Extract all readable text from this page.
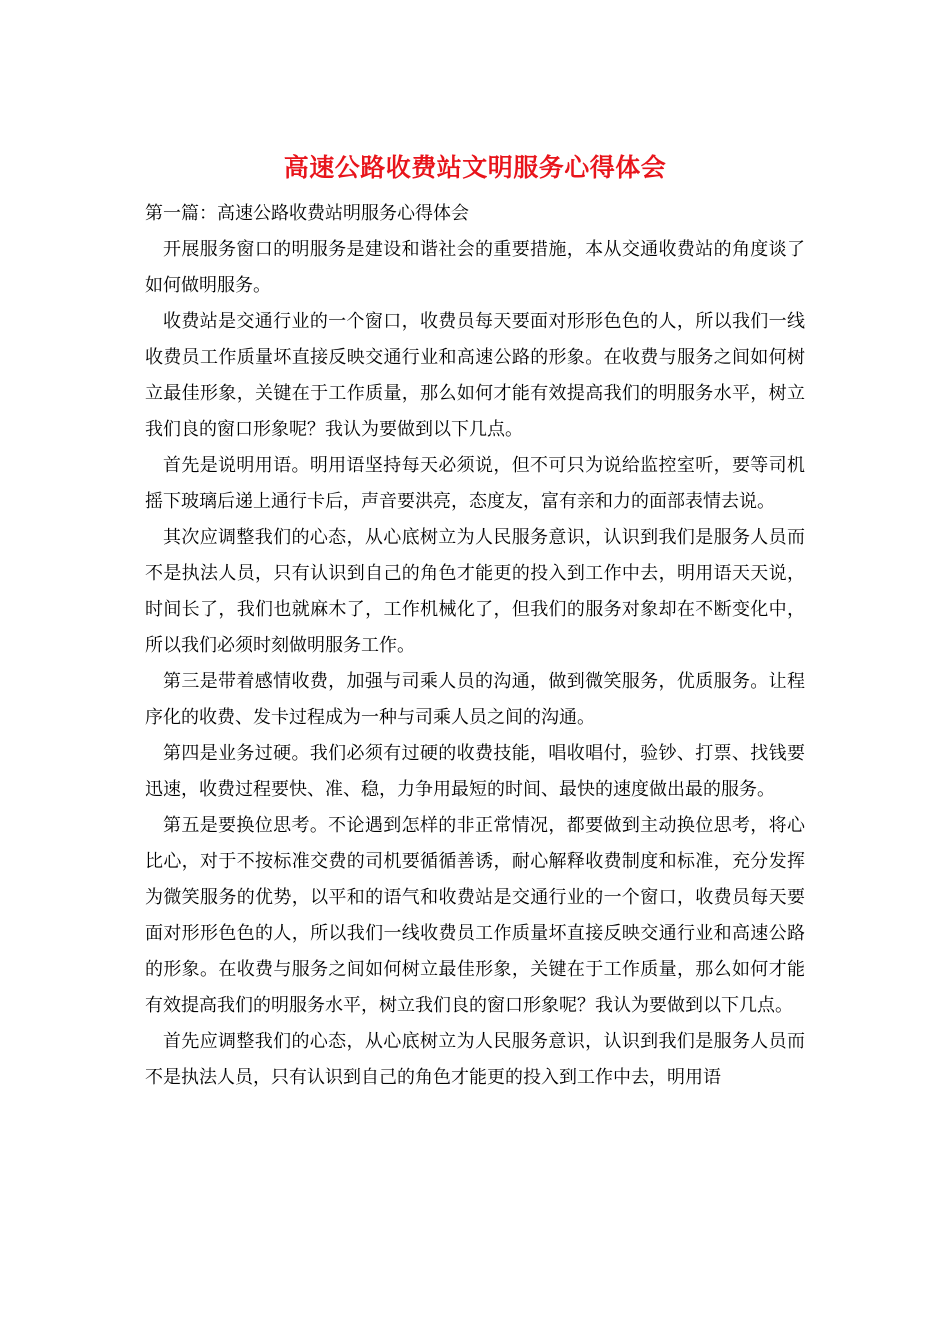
高速公路收费站文明服务心得体会

第一篇：高速公路收费站明服务心得体会

开展服务窗口的明服务是建设和谐社会的重要措施，本从交通收费站的角度谈了如何做明服务。

收费站是交通行业的一个窗口，收费员每天要面对形形色色的人，所以我们一线收费员工作质量坏直接反映交通行业和高速公路的形象。在收费与服务之间如何树立最佳形象，关键在于工作质量，那么如何才能有效提高我们的明服务水平，树立我们良的窗口形象呢？我认为要做到以下几点。

首先是说明用语。明用语坚持每天必须说，但不可只为说给监控室听，要等司机摇下玻璃后递上通行卡后，声音要洪亮，态度友，富有亲和力的面部表情去说。

其次应调整我们的心态，从心底树立为人民服务意识，认识到我们是服务人员而不是执法人员，只有认识到自己的角色才能更的投入到工作中去，明用语天天说，时间长了，我们也就麻木了，工作机械化了，但我们的服务对象却在不断变化中，所以我们必须时刻做明服务工作。

第三是带着感情收费，加强与司乘人员的沟通，做到微笑服务，优质服务。让程序化的收费、发卡过程成为一种与司乘人员之间的沟通。

第四是业务过硬。我们必须有过硬的收费技能，唱收唱付，验钞、打票、找钱要迅速，收费过程要快、准、稳，力争用最短的时间、最快的速度做出最的服务。

第五是要换位思考。不论遇到怎样的非正常情况，都要做到主动换位思考，将心比心，对于不按标准交费的司机要循循善诱，耐心解释收费制度和标准，充分发挥为微笑服务的优势，以平和的语气和收费站是交通行业的一个窗口，收费员每天要面对形形色色的人，所以我们一线收费员工作质量坏直接反映交通行业和高速公路的形象。在收费与服务之间如何树立最佳形象，关键在于工作质量，那么如何才能有效提高我们的明服务水平，树立我们良的窗口形象呢？我认为要做到以下几点。

首先应调整我们的心态，从心底树立为人民服务意识，认识到我们是服务人员而不是执法人员，只有认识到自己的角色才能更的投入到工作中去，明用语
